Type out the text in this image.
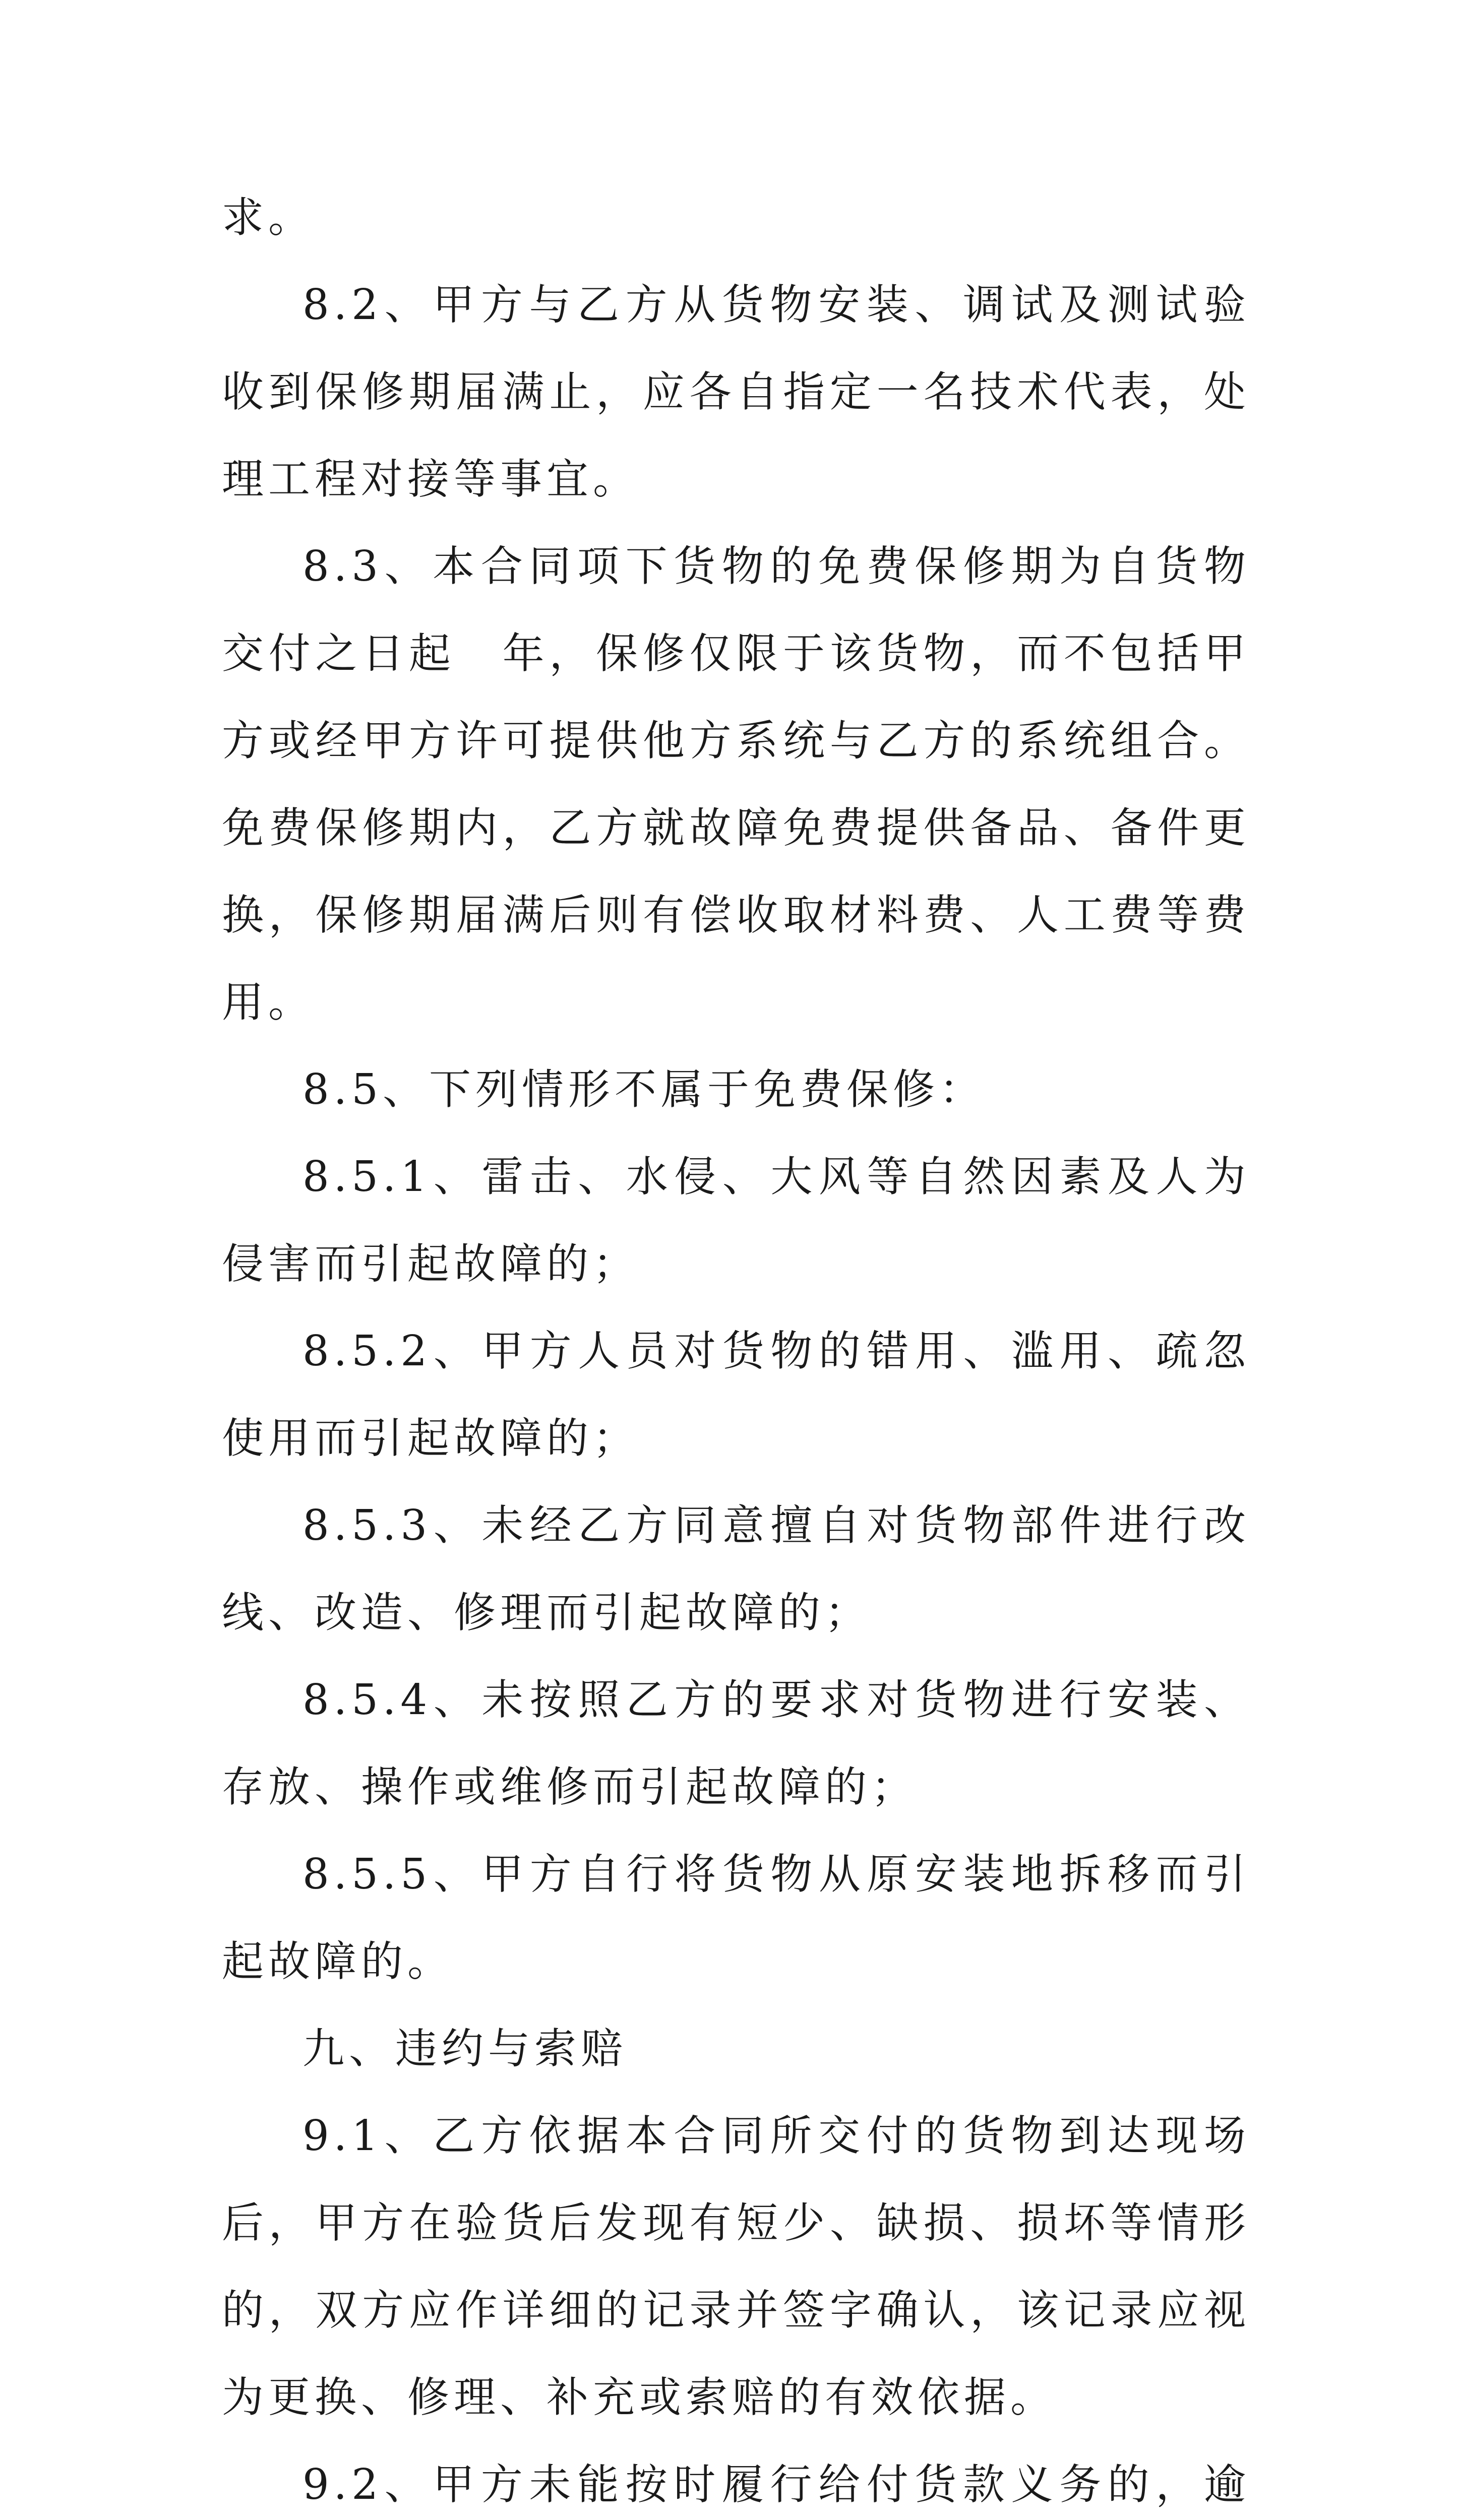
求。

8.2、甲方与乙方从货物安装、调试及测试验收到保修期届满止，应各自指定一名技术代表，处理工程对接等事宜。

8.3、本合同项下货物的免费保修期为自货物交付之日起　年，保修仅限于该货物，而不包括甲方或经甲方许可提供他方系统与乙方的系统组合。免费保修期内，乙方就故障免费提供备品、备件更换，保修期届满后则有偿收取材料费、人工费等费用。

8.5、下列情形不属于免费保修：

8.5.1、雷击、水侵、大风等自然因素及人为侵害而引起故障的；

8.5.2、甲方人员对货物的错用、滥用、疏忽使用而引起故障的；

8.5.3、未经乙方同意擅自对货物部件进行改线、改造、修理而引起故障的；

8.5.4、未按照乙方的要求对货物进行安装、存放、操作或维修而引起故障的；

8.5.5、甲方自行将货物从原安装地拆移而引起故障的。

九、违约与索赔

9.1、乙方依据本合同所交付的货物到达现场后，甲方在验货后发现有短少、缺损、损坏等情形的，双方应作详细的记录并签字确认，该记录应视为更换、修理、补充或索赔的有效依据。

9.2、甲方未能按时履行给付货款义务的，逾
